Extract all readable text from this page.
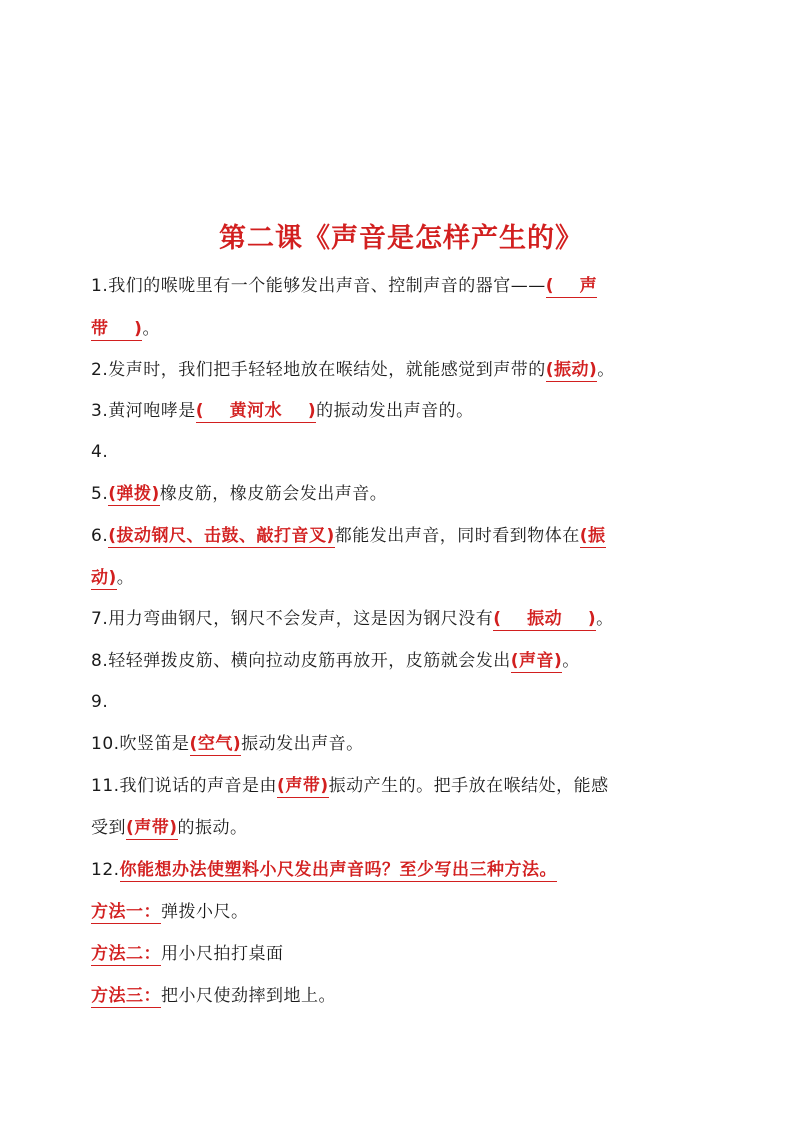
第二课《声音是怎样产生的》
1.我们的喉咙里有一个能够发出声音、控制声音的器官——(    声
带    )。
2.发声时，我们把手轻轻地放在喉结处，就能感觉到声带的(振动)。
3.黄河咆哮是(    黄河水    )的振动发出声音的。
4.
5.(弹拨)橡皮筋，橡皮筋会发出声音。
6.(拔动钢尺、击鼓、敲打音叉)都能发出声音，同时看到物体在(振
动)。
7.用力弯曲钢尺，钢尺不会发声，这是因为钢尺没有(    振动    )。
8.轻轻弹拨皮筋、横向拉动皮筋再放开，皮筋就会发出(声音)。
9.
10.吹竖笛是(空气)振动发出声音。
11.我们说话的声音是由(声带)振动产生的。把手放在喉结处，能感
受到(声带)的振动。
12.你能想办法使塑料小尺发出声音吗？至少写出三种方法。
方法一：弹拨小尺。
方法二：用小尺拍打桌面
方法三：把小尺使劲摔到地上。
